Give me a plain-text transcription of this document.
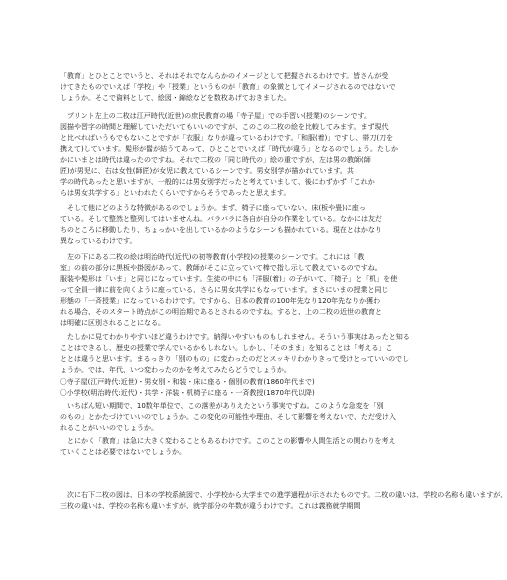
「教育」とひとことでいうと、それはそれでなんらかのイメージとして把握されるわけです。皆さんが受
けてきたものでいえば「学校」や「授業」というものが「教育」の象徴としてイメージされるのではないで
しょうか。そこで資料として、絵図・錦絵などを数枚あげておきました。
プリント左上の二枚は江戸時代(近世)の庶民教育の場「寺子屋」での手習い(授業)のシーンです。
図描や習字の時間と理解していただいてもいいのですが、このこの二枚の絵を比較してみます。まず現代
と比べればいうもでもないことですが「衣服」なりが違っているわけです。「和服(着)」ですし、帯刀(刀を
携えて)しています。髪形が髷が結うてあって、ひとことでいえば「時代が違う」となるのでしょう。たしか
かにいまとは時代は違ったのですね。それで二枚の「同じ時代の」絵の重ですが、左は男の教師(師
匠)が男児に、右は女性(師匠)が女児に教えているシーンです。男女別学が描かれています。共
学の時代あったと思いますが、一般的には男女別学だったと考えていまして、後にわずかず「これか
らは男女共学する」といわれたくらいですからそうであったと思えます。
そして他にどのような特徴があるのでしょうか。まず、椅子に座っていない、床(板や畳)に座っ
ている。そして整然と整列してはいませんね。バラバラに各自が自分の作業をしている。なかには友だ
ちのところに移動したり、ちょっかいを出しているかのようなシーンも描かれている。現在とはかなり
異なっているわけです。
左の下にある二枚の絵は明治時代(近代)の初等教育(小学校)の授業のシーンです。これには「教
室」の前の部分に黒板や掛図があって、教師がそこに立っていて棒で指し示して教えているのですね。
服装や髪形は「いま」と同じになっています。生徒の中にも「洋服(着)」の子がいて、「椅子」と「机」を使
って全員一律に前を向くように座っている、さらに男女共学にもなっています。まさにいまの授業と同じ
形態の「一斉授業」になっているわけです。ですから、日本の教育の100年先なり120年先なりか獲わ
れる場合、そのスタート時点がこの明治期であるとされるのですね。すると、上の二枚の近世の教育と
は明確に区別されることになる。
たしかに見てわかりやすいほど違うわけです。納得いやすいものもしれません。そういう事実はあったと知る
ことはできるし、歴史の授業で学んでいるかもしれない。しかし、「そのまま」を知ることは「考える」こ
ととは違うと思います。まるっきり「別のもの」に変わったのだとスッキリわかりきって受けとっていいのでし
ょうか。では、年代、いつ変わったのかを考えてみたらどうでしょうか。
〇寺子屋(江戸時代:近世)・男女別・和装・床に座る・個別の教育(1860年代まで)
〇小学校(明治時代:近代)・共学・洋装・机椅子に座る・一斉教授(1870年代以降)
いちばん短い期間で、10数年単位で、この落差がありえたという事実ですね。このような急変を「別
のもの」とかたづけていいのでしょうか。この変化の可能性や理由、そして影響を考えないで、ただ受け入
れることがいいのでしょうか。
とにかく「教育」は急に大きく変わることもあるわけです。このことの影響や人間生活との関わりを考え
ていくことは必要ではないでしょうか。
次に右下二枚の図は、日本の学校系統図で、小学校から大学までの進学過程が示されたものです。二枚の違いは、学校の名称も違いますが、
三枚の違いは、学校の名称も違いますが、就学部分の年数が違うわけです。これは義務就学期間
